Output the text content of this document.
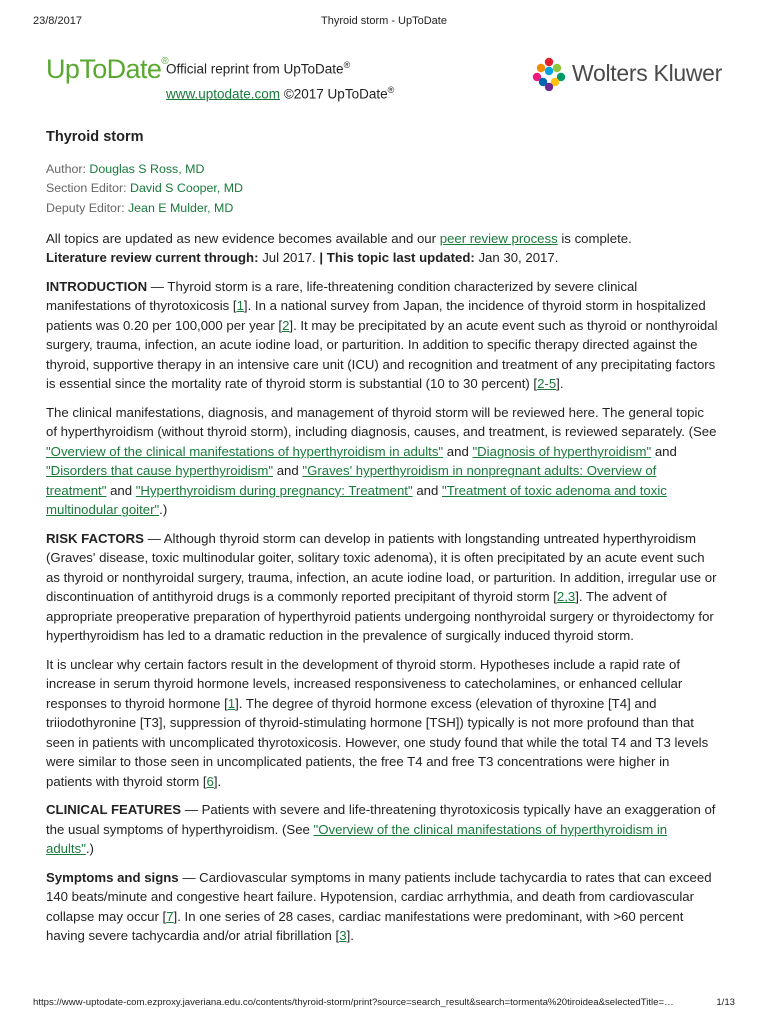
23/8/2017	Thyroid storm - UpToDate
UpToDate®
Official reprint from UpToDate®
www.uptodate.com ©2017 UpToDate®
Wolters Kluwer
Thyroid storm
Author: Douglas S Ross, MD
Section Editor: David S Cooper, MD
Deputy Editor: Jean E Mulder, MD

All topics are updated as new evidence becomes available and our peer review process is complete.
Literature review current through: Jul 2017. | This topic last updated: Jan 30, 2017.

INTRODUCTION — Thyroid storm is a rare, life-threatening condition characterized by severe clinical manifestations of thyrotoxicosis [1]. In a national survey from Japan, the incidence of thyroid storm in hospitalized patients was 0.20 per 100,000 per year [2]. It may be precipitated by an acute event such as thyroid or nonthyroidal surgery, trauma, infection, an acute iodine load, or parturition. In addition to specific therapy directed against the thyroid, supportive therapy in an intensive care unit (ICU) and recognition and treatment of any precipitating factors is essential since the mortality rate of thyroid storm is substantial (10 to 30 percent) [2-5].

The clinical manifestations, diagnosis, and management of thyroid storm will be reviewed here. The general topic of hyperthyroidism (without thyroid storm), including diagnosis, causes, and treatment, is reviewed separately. (See "Overview of the clinical manifestations of hyperthyroidism in adults" and "Diagnosis of hyperthyroidism" and "Disorders that cause hyperthyroidism" and "Graves' hyperthyroidism in nonpregnant adults: Overview of treatment" and "Hyperthyroidism during pregnancy: Treatment" and "Treatment of toxic adenoma and toxic multinodular goiter".)

RISK FACTORS — Although thyroid storm can develop in patients with longstanding untreated hyperthyroidism (Graves' disease, toxic multinodular goiter, solitary toxic adenoma), it is often precipitated by an acute event such as thyroid or nonthyroidal surgery, trauma, infection, an acute iodine load, or parturition. In addition, irregular use or discontinuation of antithyroid drugs is a commonly reported precipitant of thyroid storm [2,3]. The advent of appropriate preoperative preparation of hyperthyroid patients undergoing nonthyroidal surgery or thyroidectomy for hyperthyroidism has led to a dramatic reduction in the prevalence of surgically induced thyroid storm.

It is unclear why certain factors result in the development of thyroid storm. Hypotheses include a rapid rate of increase in serum thyroid hormone levels, increased responsiveness to catecholamines, or enhanced cellular responses to thyroid hormone [1]. The degree of thyroid hormone excess (elevation of thyroxine [T4] and triiodothyronine [T3], suppression of thyroid-stimulating hormone [TSH]) typically is not more profound than that seen in patients with uncomplicated thyrotoxicosis. However, one study found that while the total T4 and T3 levels were similar to those seen in uncomplicated patients, the free T4 and free T3 concentrations were higher in patients with thyroid storm [6].

CLINICAL FEATURES — Patients with severe and life-threatening thyrotoxicosis typically have an exaggeration of the usual symptoms of hyperthyroidism. (See "Overview of the clinical manifestations of hyperthyroidism in adults".)

Symptoms and signs — Cardiovascular symptoms in many patients include tachycardia to rates that can exceed 140 beats/minute and congestive heart failure. Hypotension, cardiac arrhythmia, and death from cardiovascular collapse may occur [7]. In one series of 28 cases, cardiac manifestations were predominant, with >60 percent having severe tachycardia and/or atrial fibrillation [3].

https://www-uptodate-com.ezproxy.javeriana.edu.co/contents/thyroid-storm/print?source=search_result&search=tormenta%20tiroidea&selectedTitle=…	1/13
